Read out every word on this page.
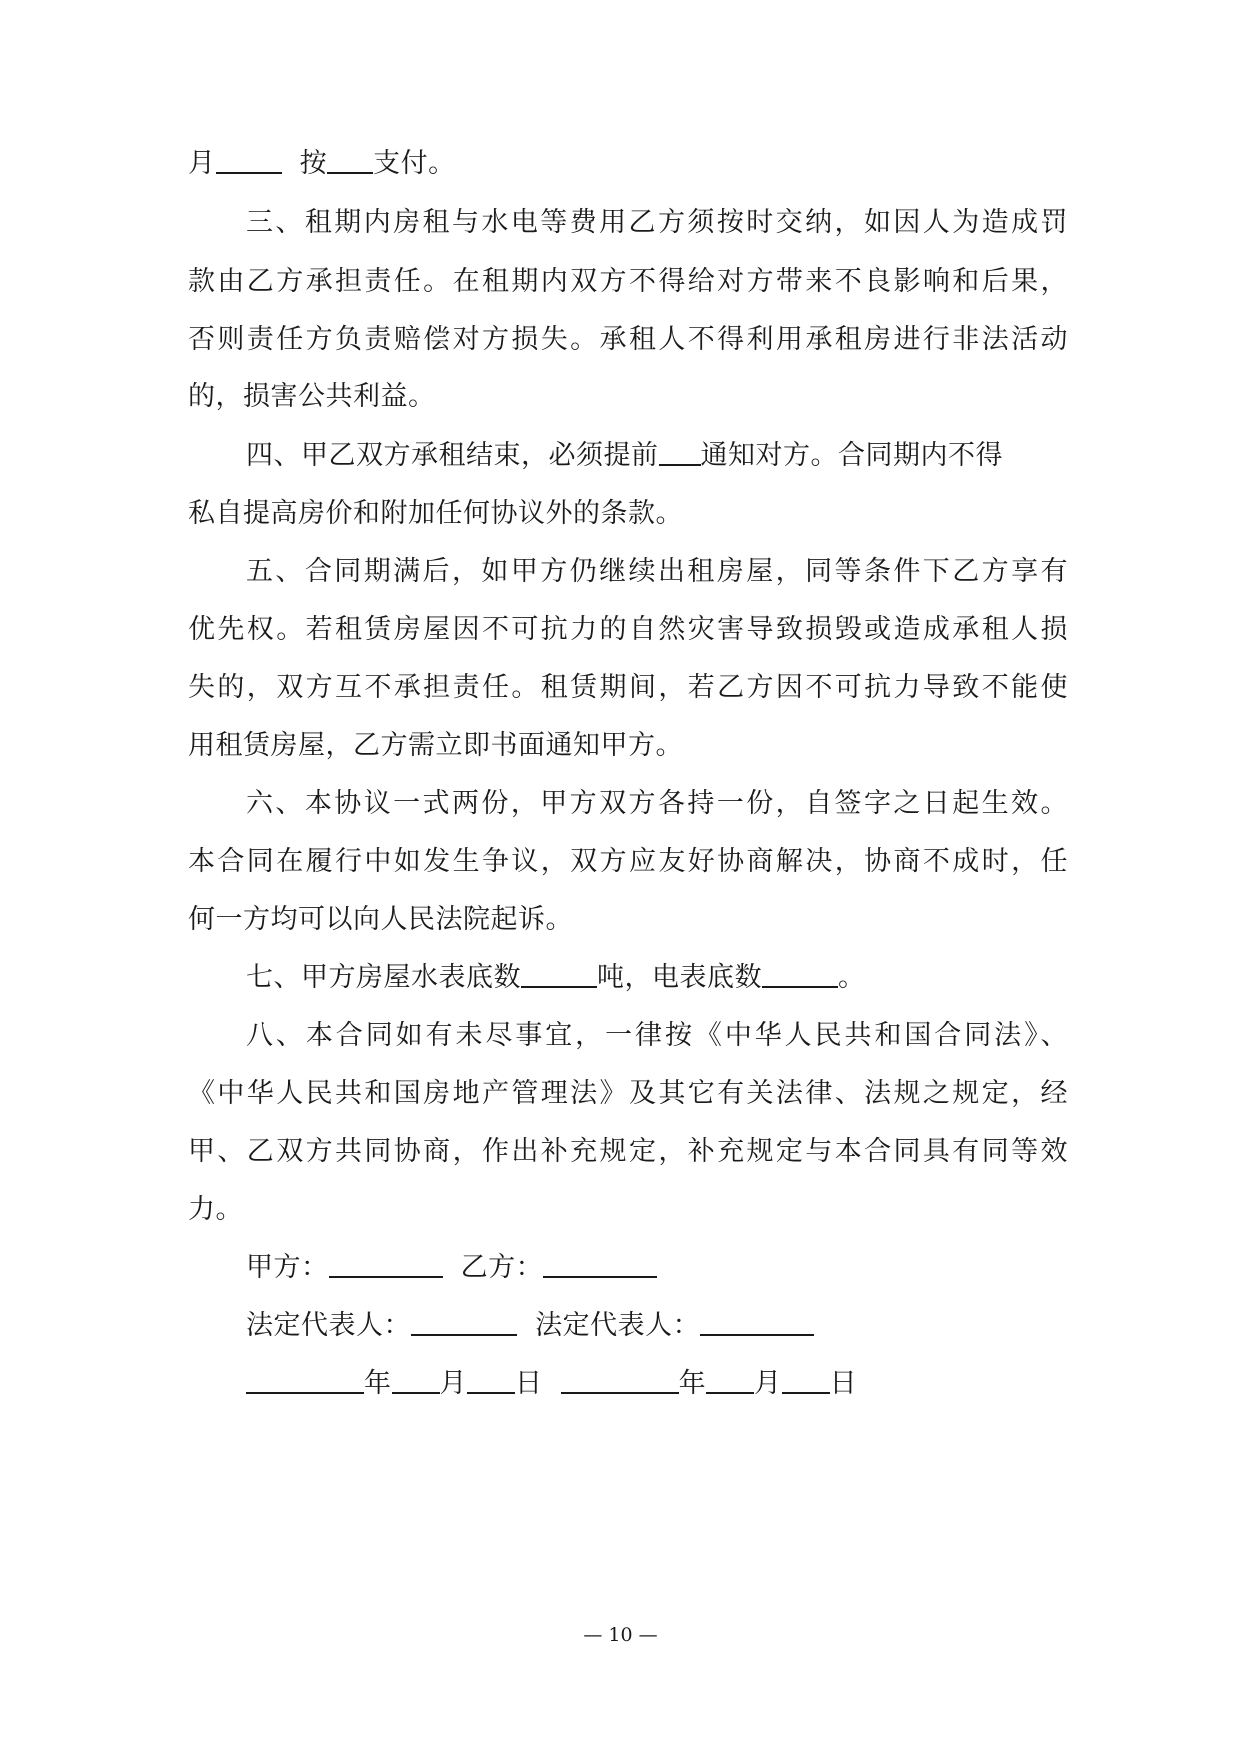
月	按 支付。
三、租期内房租与水电等费用乙方须按时交纳，如因人为造成罚
款由乙方承担责任。在租期内双方不得给对方带来不良影响和后果，
否则责任方负责赔偿对方损失。承租人不得利用承租房进行非法活动
的，损害公共利益。
四、甲乙双方承租结束，必须提前 通知对方。合同期内不得
私自提高房价和附加任何协议外的条款。
五、合同期满后，如甲方仍继续出租房屋，同等条件下乙方享有
优先权。若租赁房屋因不可抗力的自然灾害导致损毁或造成承租人损
失的，双方互不承担责任。租赁期间，若乙方因不可抗力导致不能使
用租赁房屋，乙方需立即书面通知甲方。
六、本协议一式两份，甲方双方各持一份，自签字之日起生效。
本合同在履行中如发生争议，双方应友好协商解决，协商不成时，任
何一方均可以向人民法院起诉。
七、甲方房屋水表底数	吨，电表底数	。
八、本合同如有未尽事宜，一律按《中华人民共和国合同法》、
《中华人民共和国房地产管理法》及其它有关法律、法规之规定，经
甲、乙双方共同协商，作出补充规定，补充规定与本合同具有同等效
力。
甲方：	乙方：
法定代表人：	法定代表人：
年 月 日	年 月 日
— 10 —
